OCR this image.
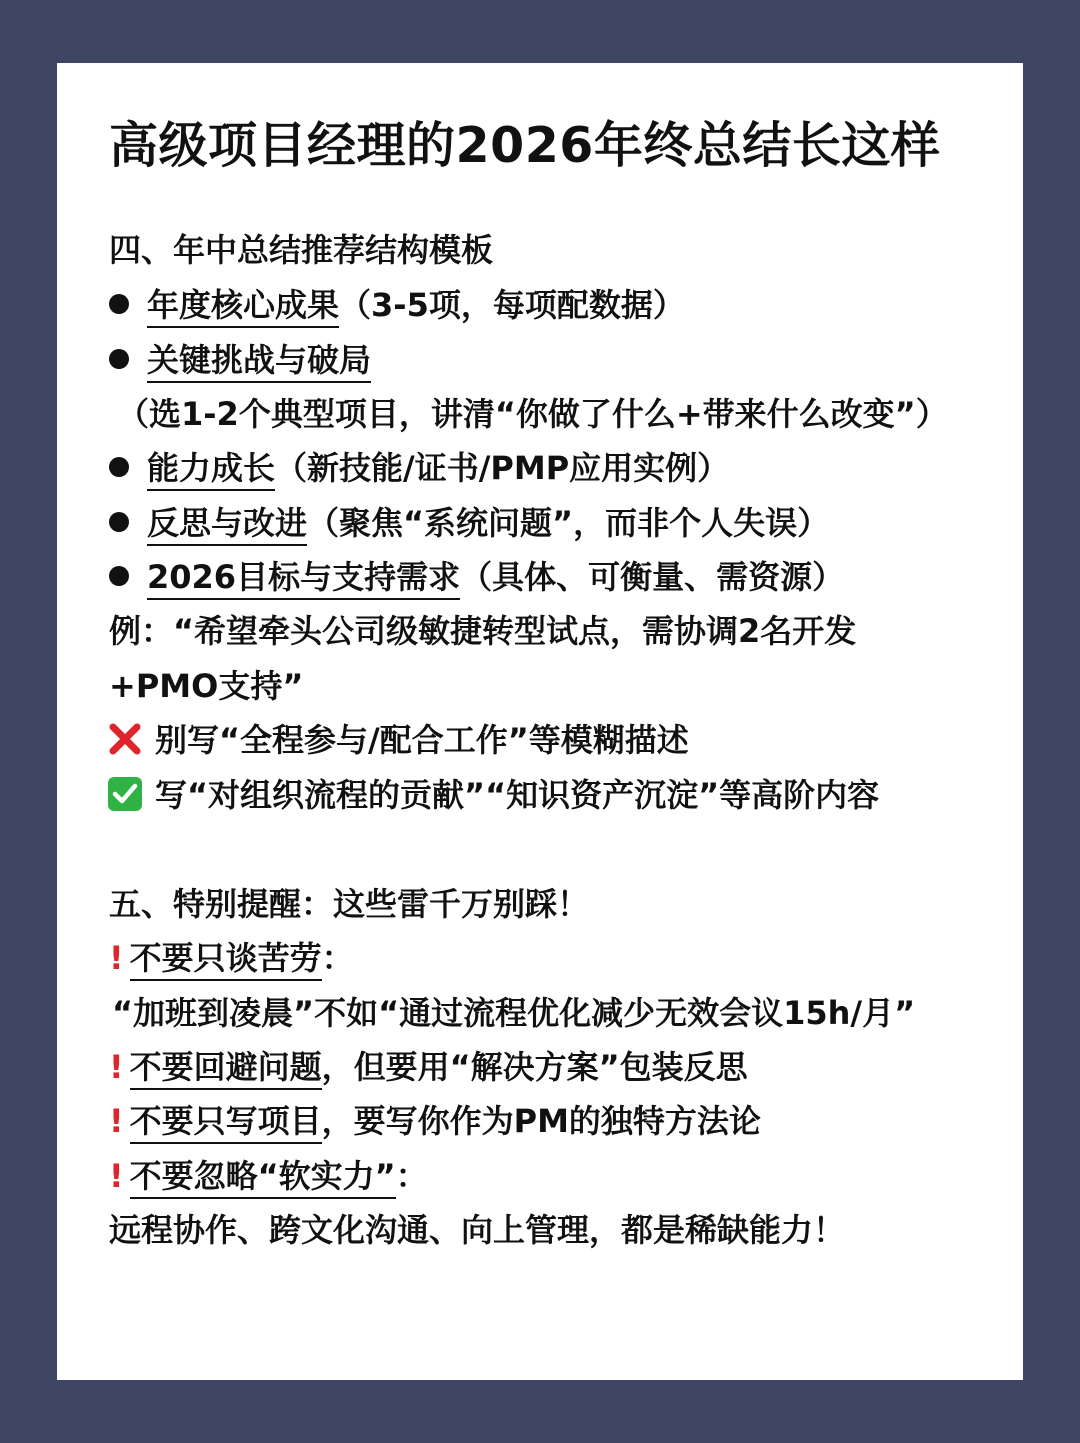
高级项目经理的2026年终总结长这样
四、年中总结推荐结构模板
年度核心成果（3-5项，每项配数据）
关键挑战与破局
（选1-2个典型项目，讲清“你做了什么+带来什么改变”）
能力成长（新技能/证书/PMP应用实例）
反思与改进（聚焦“系统问题”，而非个人失误）
2026目标与支持需求（具体、可衡量、需资源）
例：“希望牵头公司级敏捷转型试点，需协调2名开发
+PMO支持”
别写“全程参与/配合工作”等模糊描述
写“对组织流程的贡献”“知识资产沉淀”等高阶内容
五、特别提醒：这些雷千万别踩！
! 不要只谈苦劳：
“加班到凌晨”不如“通过流程优化减少无效会议15h/月”
! 不要回避问题，但要用“解决方案”包装反思
! 不要只写项目，要写你作为PM的独特方法论
! 不要忽略“软实力”：
远程协作、跨文化沟通、向上管理，都是稀缺能力！
